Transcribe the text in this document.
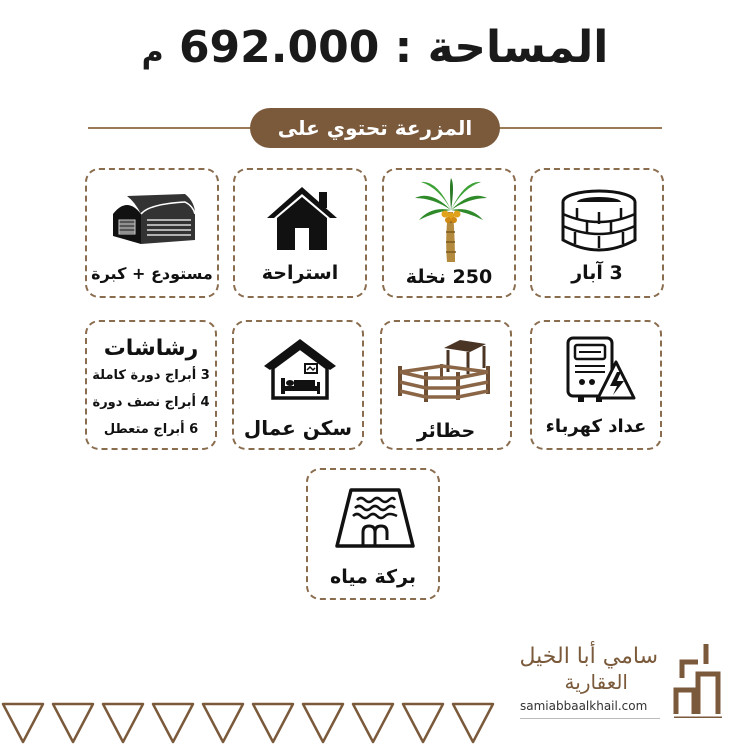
المساحة : 692.000 م
المزرعة تحتوي على
3 آبار
250 نخلة
استراحة
مستودع + كبرة
عداد كهرباء
حظائر
سكن عمال
رشاشات
3 أبراج دورة كاملة
4 أبراج نصف دورة
6 أبراج متعطل
بركة مياه
سامي أبا الخيل
العقارية
samiabbaalkhail.com
